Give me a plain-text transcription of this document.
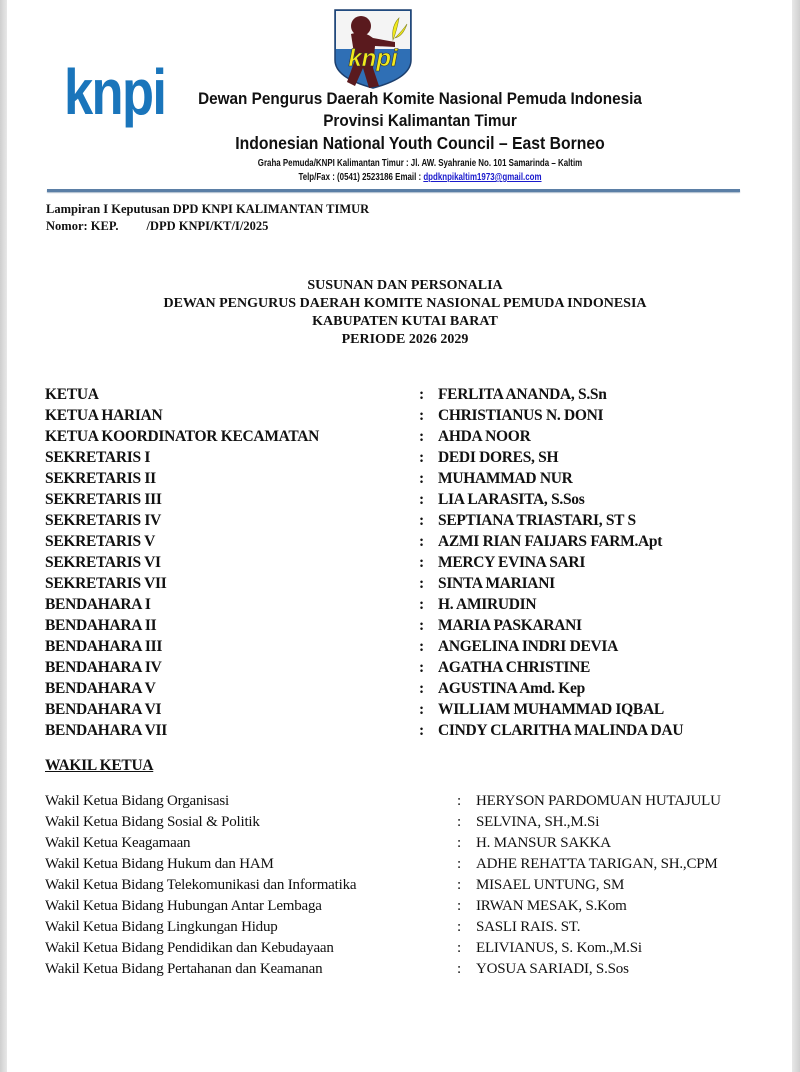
knpi	knpi
Dewan Pengurus Daerah Komite Nasional Pemuda Indonesia
Provinsi Kalimantan Timur
Indonesian National Youth Council – East Borneo
Graha Pemuda/KNPI Kalimantan Timur : Jl. AW. Syahranie No. 101 Samarinda – Kaltim
Telp/Fax : (0541) 2523186 Email : dpdknpikaltim1973@gmail.com
Lampiran I Keputusan DPD KNPI KALIMANTAN TIMUR
Nomor: KEP. /DPD KNPI/KT/I/2025
SUSUNAN DAN PERSONALIA
DEWAN PENGURUS DAERAH KOMITE NASIONAL PEMUDA INDONESIA
KABUPATEN KUTAI BARAT
PERIODE 2026 2029
KETUA	: FERLITA ANANDA, S.Sn
KETUA HARIAN	: CHRISTIANUS N. DONI
KETUA KOORDINATOR KECAMATAN	: AHDA NOOR
SEKRETARIS I	: DEDI DORES, SH
SEKRETARIS II	: MUHAMMAD NUR
SEKRETARIS III	: LIA LARASITA, S.Sos
SEKRETARIS IV	: SEPTIANA TRIASTARI, ST S
SEKRETARIS V	: AZMI RIAN FAIJARS FARM.Apt
SEKRETARIS VI	: MERCY EVINA SARI
SEKRETARIS VII	: SINTA MARIANI
BENDAHARA I	: H. AMIRUDIN
BENDAHARA II	: MARIA PASKARANI
BENDAHARA III	: ANGELINA INDRI DEVIA
BENDAHARA IV	: AGATHA CHRISTINE
BENDAHARA V	: AGUSTINA Amd. Kep
BENDAHARA VI	: WILLIAM MUHAMMAD IQBAL
BENDAHARA VII	: CINDY CLARITHA MALINDA DAU
WAKIL KETUA
Wakil Ketua Bidang Organisasi	:	HERYSON PARDOMUAN HUTAJULU
Wakil Ketua Bidang Sosial & Politik	:	SELVINA, SH.,M.Si
Wakil Ketua Keagamaan	:	H. MANSUR SAKKA
Wakil Ketua Bidang Hukum dan HAM	:	ADHE REHATTA TARIGAN, SH.,CPM
Wakil Ketua Bidang Telekomunikasi dan Informatika	:	MISAEL UNTUNG, SM
Wakil Ketua Bidang Hubungan Antar Lembaga	:	IRWAN MESAK, S.Kom
Wakil Ketua Bidang Lingkungan Hidup	:	SASLI RAIS. ST.
Wakil Ketua Bidang Pendidikan dan Kebudayaan	:	ELIVIANUS, S. Kom.,M.Si
Wakil Ketua Bidang Pertahanan dan Keamanan	:	YOSUA SARIADI, S.Sos
